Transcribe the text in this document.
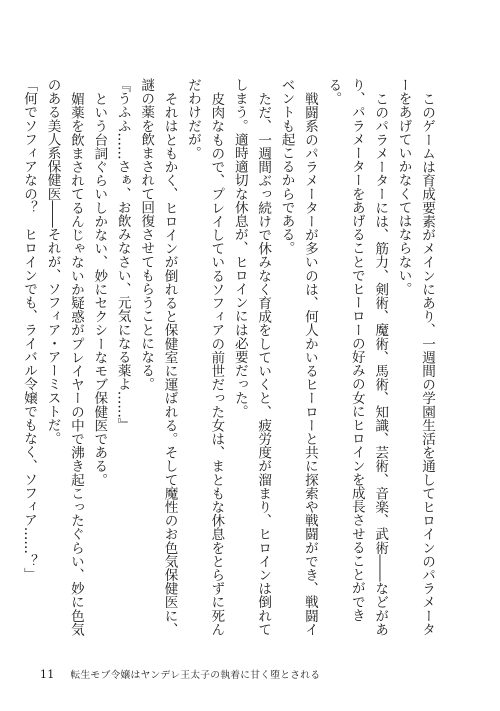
このゲームは育成要素がメインにあり、一週間の学園生活を通してヒロインのパラメーターをあげていかなくてはならない。

このパラメーターには、筋力、剣術、魔術、馬術、知識、芸術、音楽、武術――などがあり、パラメーターをあげることでヒーローの好みの女にヒロインを成長させることができる。

戦闘系のパラメーターが多いのは、何人かいるヒーローと共に探索や戦闘ができ、戦闘イベントも起こるからである。

ただ、一週間ぶっ続けで休みなく育成をしていくと、疲労度が溜まり、ヒロインは倒れてしまう。適時適切な休息が、ヒロインには必要だった。

皮肉なもので、プレイしているソフィアの前世だった女は、まともな休息をとらずに死んだわけだが。

それはともかく、ヒロインが倒れると保健室に運ばれる。そして魔性のお色気保健医に、謎の薬を飲まされて回復させてもらうことになる。

『うふふ……さぁ、お飲みなさい、元気になる薬よ……』

という台詞ぐらいしかない、妙にセクシーなモブ保健医である。

媚薬を飲まされてるんじゃないか疑惑がプレイヤーの中で沸き起こったぐらい、妙に色気のある美人系保健医――それが、ソフィア・アーミストだ。

「何でソフィアなの？　ヒロインでも、ライバル令嬢でもなく、ソフィア……？」

11 転生モブ令嬢はヤンデレ王太子の執着に甘く堕とされる
